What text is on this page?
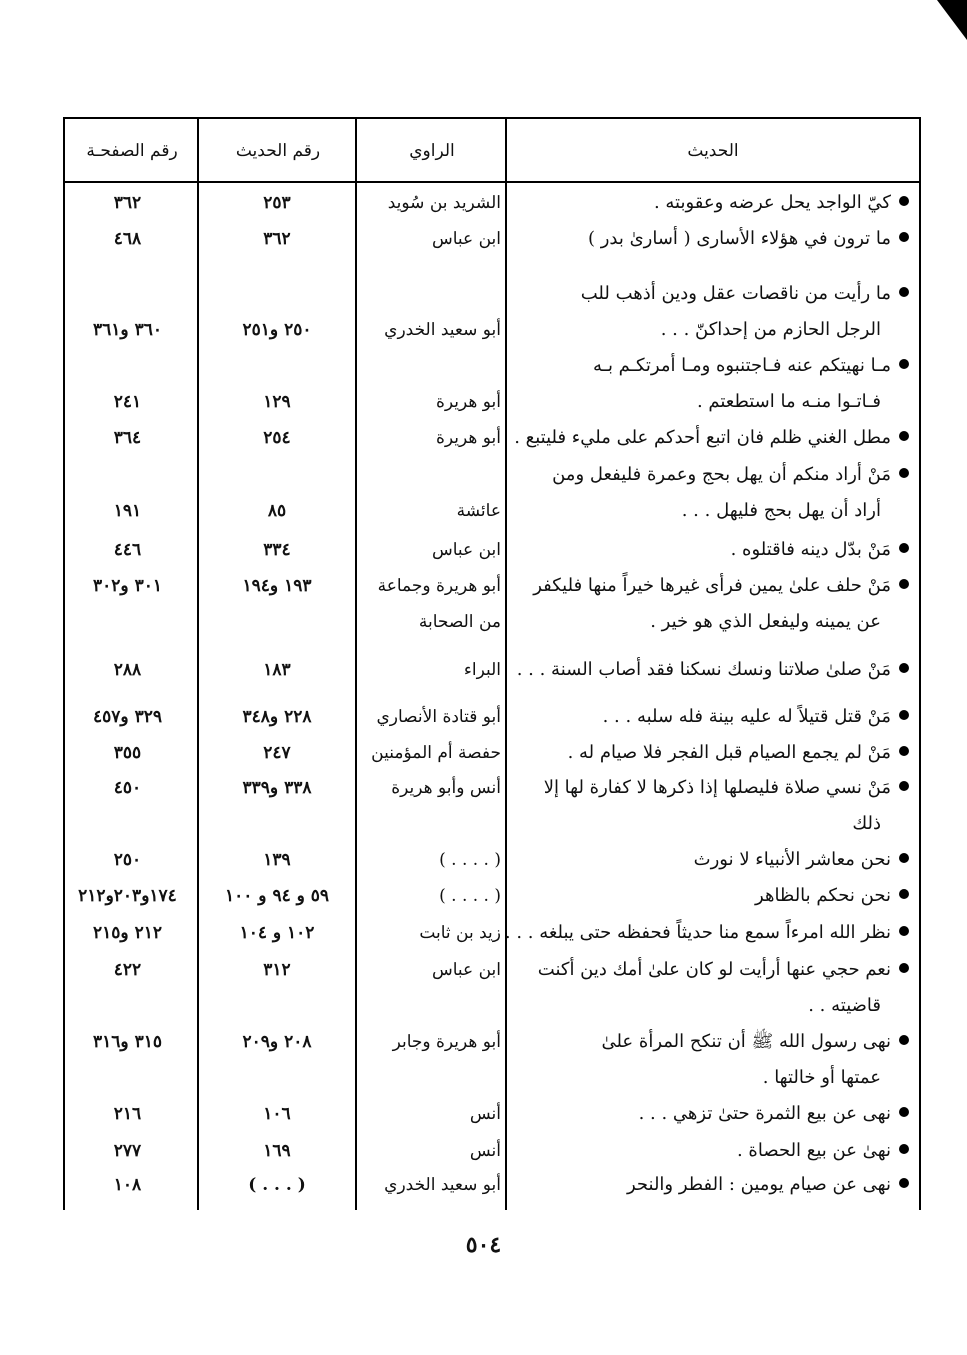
الحديث
الراوي
رقم الحديث
رقم الصفحـة
كيّ الواجد يحل عرضه وعقوبته .
الشريد بن سُويد
٢٥٣
٣٦٢
ما ترون في هؤلاء الأسارى ( أسارىٰ بدر )
ابن عباس
٣٦٢
٤٦٨
ما رأيت من ناقصات عقل ودين أذهب للب
الرجل الحازم من إحداكنّ . . .
أبو سعيد الخدري
٢٥٠ و٢٥١
٣٦٠ و٣٦١
مـا نهيتكم عنه فـاجتنبوه ومـا أمرتكـم بـه
فـاتـوا منـه ما استطعتم .
أبو هريرة
١٢٩
٢٤١
مطل الغني ظلم فان اتبع أحدكم على مليء فليتبع .
أبو هريرة
٢٥٤
٣٦٤
مَنْ أراد منكم أن يهل بحج وعمرة فليفعل ومن
أراد أن يهل بحج فليهل . . .
عائشة
٨٥
١٩١
مَنْ بدّل دينه فاقتلوه .
ابن عباس
٣٣٤
٤٤٦
مَنْ حلف علىٰ يمين فرأى غيرها خيراً منها فليكفر
عن يمينه وليفعل الذي هو خير .
أبو هريرة وجماعة
من الصحابة
١٩٣ و١٩٤
٣٠١ و٣٠٢
مَنْ صلىٰ صلاتنا ونسك نسكنا فقد أصاب السنة . . .
البراء
١٨٣
٢٨٨
مَنْ قتل قتيلاً له عليه بينة فله سلبه . . .
أبو قتادة الأنصاري
٢٢٨ و٣٤٨
٣٢٩ و٤٥٧
مَنْ لم يجمع الصيام قبل الفجر فلا صيام له .
حفصة أم المؤمنين
٢٤٧
٣٥٥
مَنْ نسي صلاة فليصلها إذا ذكرها لا كفارة لها إلا
ذلك
أنس وأبو هريرة
٣٣٨ و٣٣٩
٤٥٠
نحن معاشر الأنبياء لا نورث
( . . . . )
١٣٩
٢٥٠
نحن نحكم بالظاهر
( . . . . )
٥٩ و ٩٤ و ١٠٠
١٧٤و٢٠٣و٢١٢
نظر الله امرءاً سمع منا حديثاً فحفظه حتى يبلغه . . .
زيد بن ثابت
١٠٢ و ١٠٤
٢١٢ و٢١٥
نعم حجي عنها أرأيت لو كان علىٰ أمك دين أكنت
قاضيته . .
ابن عباس
٣١٢
٤٢٢
نهى رسول الله ﷺ أن تنكح المرأة علىٰ
عمتها أو خالتها .
أبو هريرة وجابر
٢٠٨ و٢٠٩
٣١٥ و٣١٦
نهى عن بيع الثمرة حتىٰ تزهي . . .
أنس
١٠٦
٢١٦
نهىٰ عن بيع الحصاة .
أنس
١٦٩
٢٧٧
نهى عن صيام يومين : الفطر والنحر
أبو سعيد الخدري
( . . . )
١٠٨
٥٠٤
